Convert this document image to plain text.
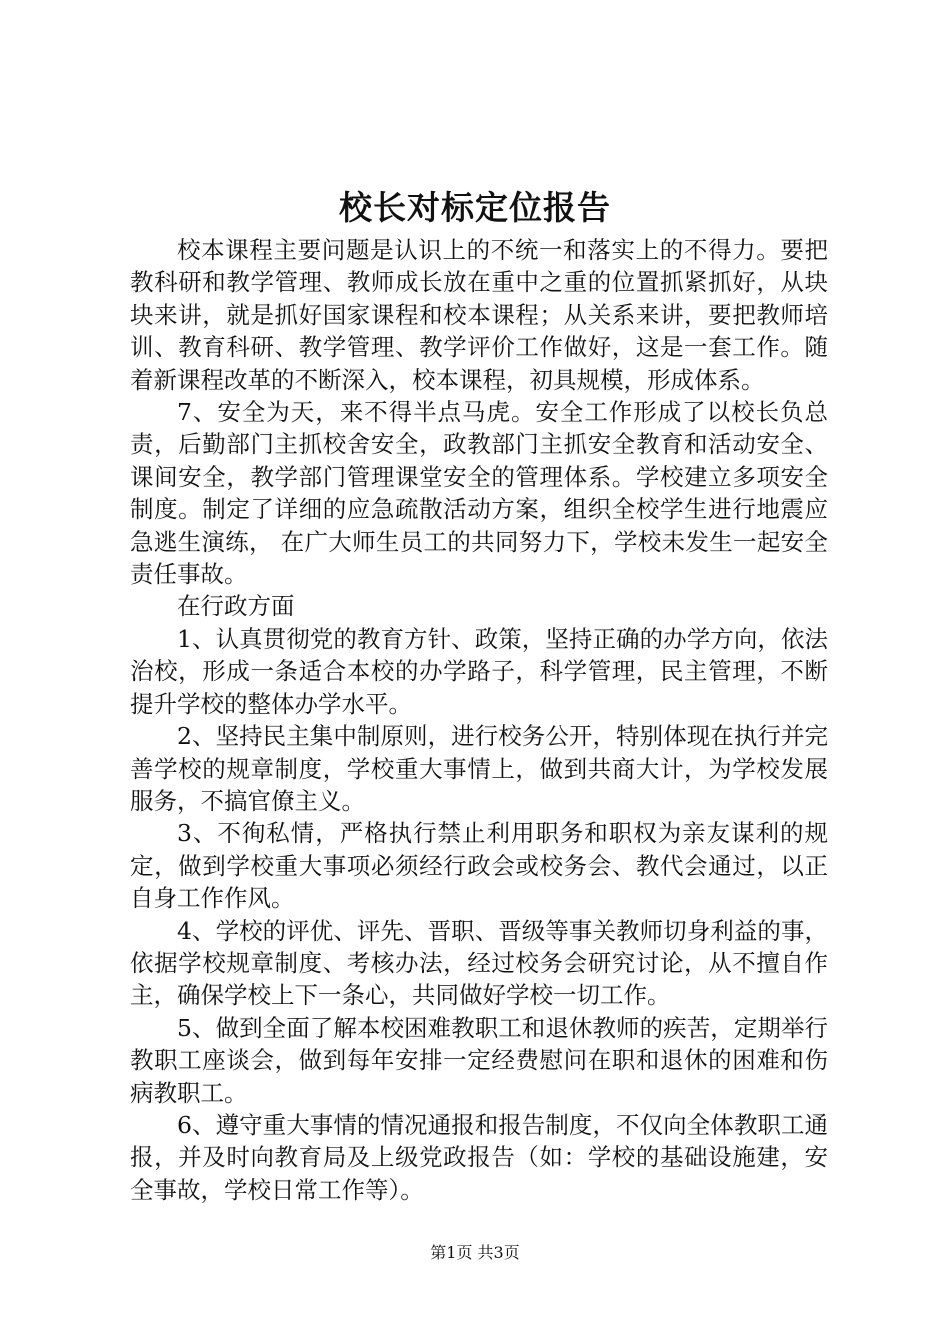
校长对标定位报告

校本课程主要问题是认识上的不统一和落实上的不得力。要把教科研和教学管理、教师成长放在重中之重的位置抓紧抓好，从块块来讲，就是抓好国家课程和校本课程；从关系来讲，要把教师培训、教育科研、教学管理、教学评价工作做好，这是一套工作。随着新课程改革的不断深入，校本课程，初具规模，形成体系。

7、安全为天，来不得半点马虎。安全工作形成了以校长负总责，后勤部门主抓校舍安全，政教部门主抓安全教育和活动安全、课间安全，教学部门管理课堂安全的管理体系。学校建立多项安全制度。制定了详细的应急疏散活动方案，组织全校学生进行地震应急逃生演练， 在广大师生员工的共同努力下，学校未发生一起安全责任事故。

在行政方面

1、认真贯彻党的教育方针、政策，坚持正确的办学方向，依法治校，形成一条适合本校的办学路子，科学管理，民主管理，不断提升学校的整体办学水平。

2、坚持民主集中制原则，进行校务公开，特别体现在执行并完善学校的规章制度，学校重大事情上，做到共商大计，为学校发展服务，不搞官僚主义。

3、不徇私情，严格执行禁止利用职务和职权为亲友谋利的规定，做到学校重大事项必须经行政会或校务会、教代会通过，以正自身工作作风。

4、学校的评优、评先、晋职、晋级等事关教师切身利益的事，依据学校规章制度、考核办法，经过校务会研究讨论，从不擅自作主，确保学校上下一条心，共同做好学校一切工作。

5、做到全面了解本校困难教职工和退休教师的疾苦，定期举行教职工座谈会，做到每年安排一定经费慰问在职和退休的困难和伤病教职工。

6、遵守重大事情的情况通报和报告制度，不仅向全体教职工通报，并及时向教育局及上级党政报告（如：学校的基础设施建，安全事故，学校日常工作等）。

第1页 共3页
